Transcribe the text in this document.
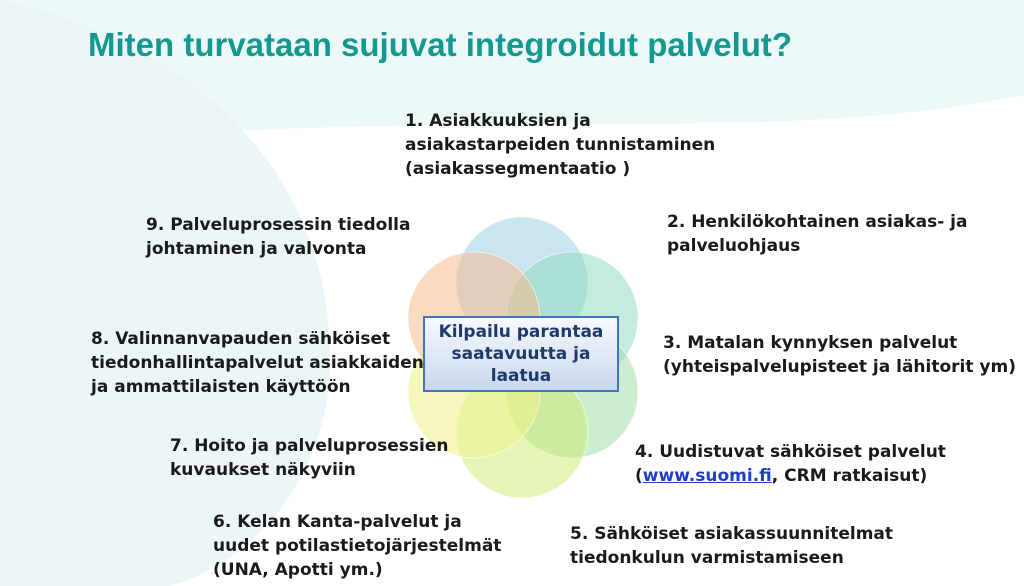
Miten turvataan sujuvat integroidut palvelut?
Kilpailu parantaa
saatavuutta ja
laatua

1. Asiakkuuksien ja
asiakastarpeiden tunnistaminen
(asiakassegmentaatio )

2. Henkilökohtainen asiakas- ja
palveluohjaus

3. Matalan kynnyksen palvelut
(yhteispalvelupisteet ja lähitorit ym)

4. Uudistuvat sähköiset palvelut
(www.suomi.fi, CRM ratkaisut)

5. Sähköiset asiakassuunnitelmat
tiedonkulun varmistamiseen

6. Kelan Kanta-palvelut ja
uudet potilastietojärjestelmät
(UNA, Apotti ym.)

7. Hoito ja palveluprosessien
kuvaukset näkyviin

8. Valinnanvapauden sähköiset
tiedonhallintapalvelut asiakkaiden
ja ammattilaisten käyttöön

9. Palveluprosessin tiedolla
johtaminen ja valvonta
